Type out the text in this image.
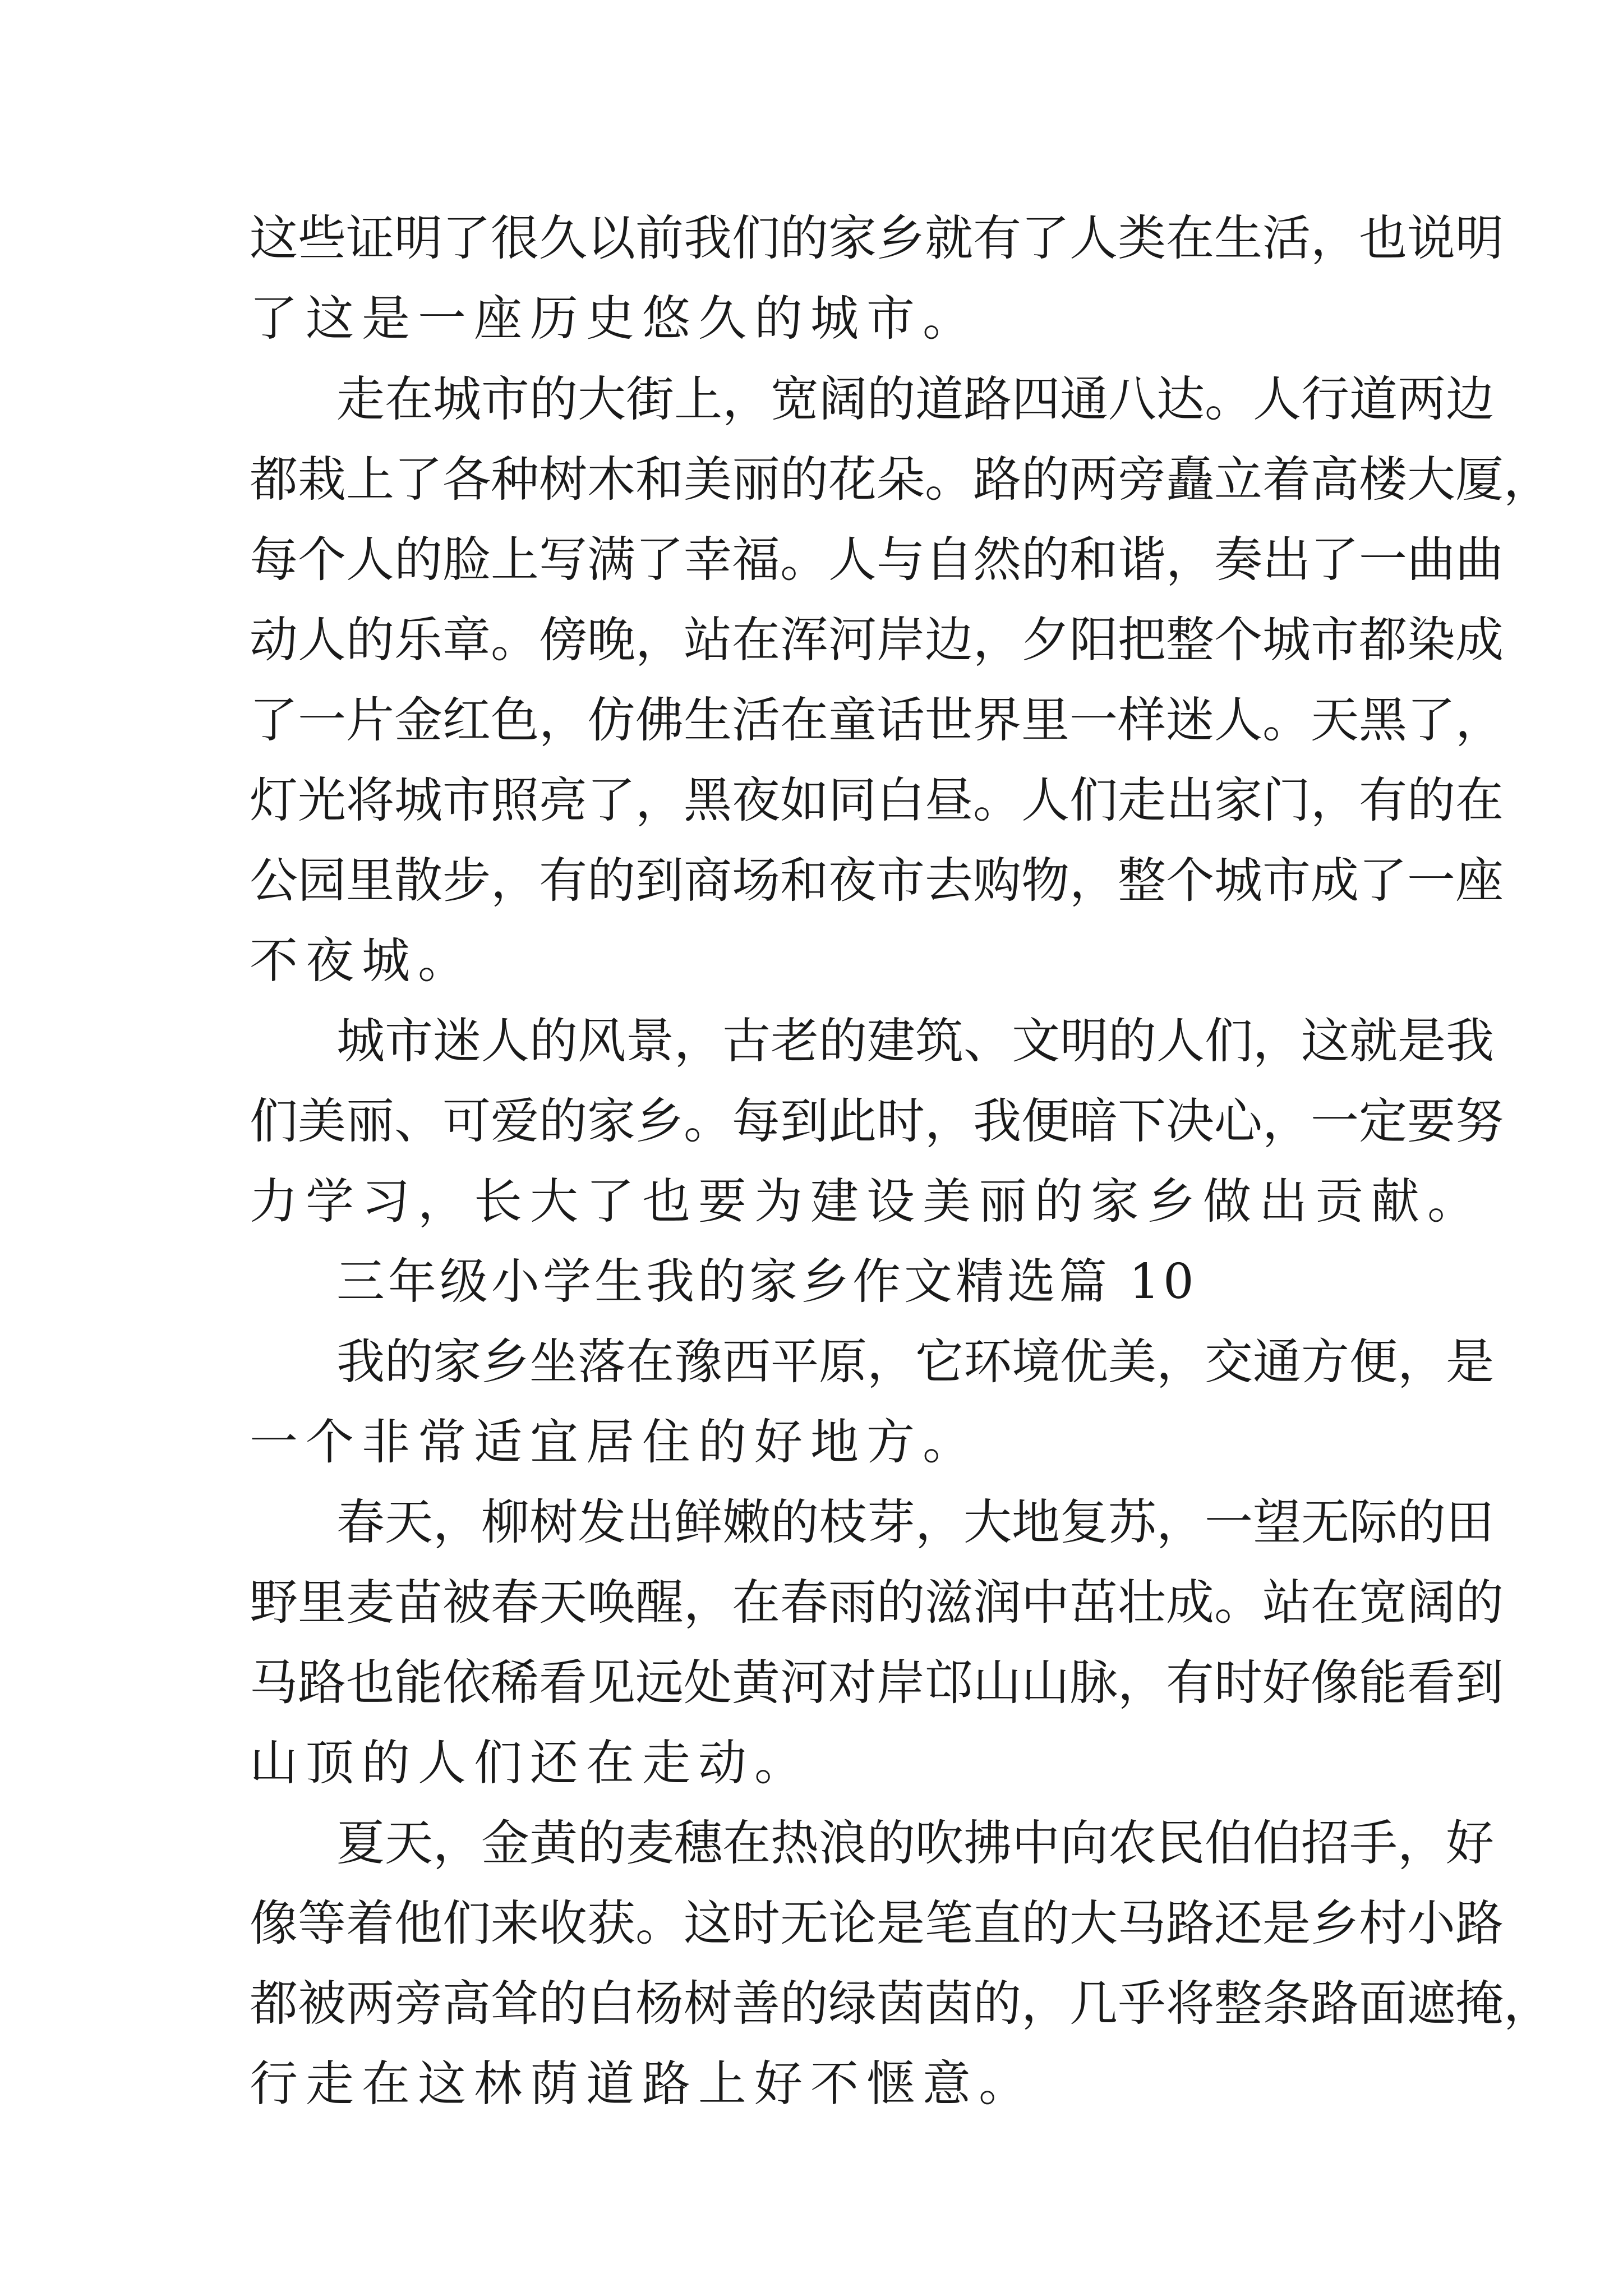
这些证明了很久以前我们的家乡就有了人类在生活，也说明
了这是一座历史悠久的城市。
走在城市的大街上，宽阔的道路四通八达。人行道两边
都栽上了各种树木和美丽的花朵。路的两旁矗立着高楼大厦，
每个人的脸上写满了幸福。人与自然的和谐，奏出了一曲曲
动人的乐章。傍晚，站在浑河岸边，夕阳把整个城市都染成
了一片金红色，仿佛生活在童话世界里一样迷人。天黑了，
灯光将城市照亮了，黑夜如同白昼。人们走出家门，有的在
公园里散步，有的到商场和夜市去购物，整个城市成了一座
不夜城。
城市迷人的风景，古老的建筑、文明的人们，这就是我
们美丽、可爱的家乡。每到此时，我便暗下决心，一定要努
力学习，长大了也要为建设美丽的家乡做出贡献。
三年级小学生我的家乡作文精选篇 10
我的家乡坐落在豫西平原，它环境优美，交通方便，是
一个非常适宜居住的好地方。
春天，柳树发出鲜嫩的枝芽，大地复苏，一望无际的田
野里麦苗被春天唤醒，在春雨的滋润中茁壮成。站在宽阔的
马路也能依稀看见远处黄河对岸邙山山脉，有时好像能看到
山顶的人们还在走动。
夏天，金黄的麦穗在热浪的吹拂中向农民伯伯招手，好
像等着他们来收获。这时无论是笔直的大马路还是乡村小路
都被两旁高耸的白杨树善的绿茵茵的，几乎将整条路面遮掩，
行走在这林荫道路上好不惬意。
